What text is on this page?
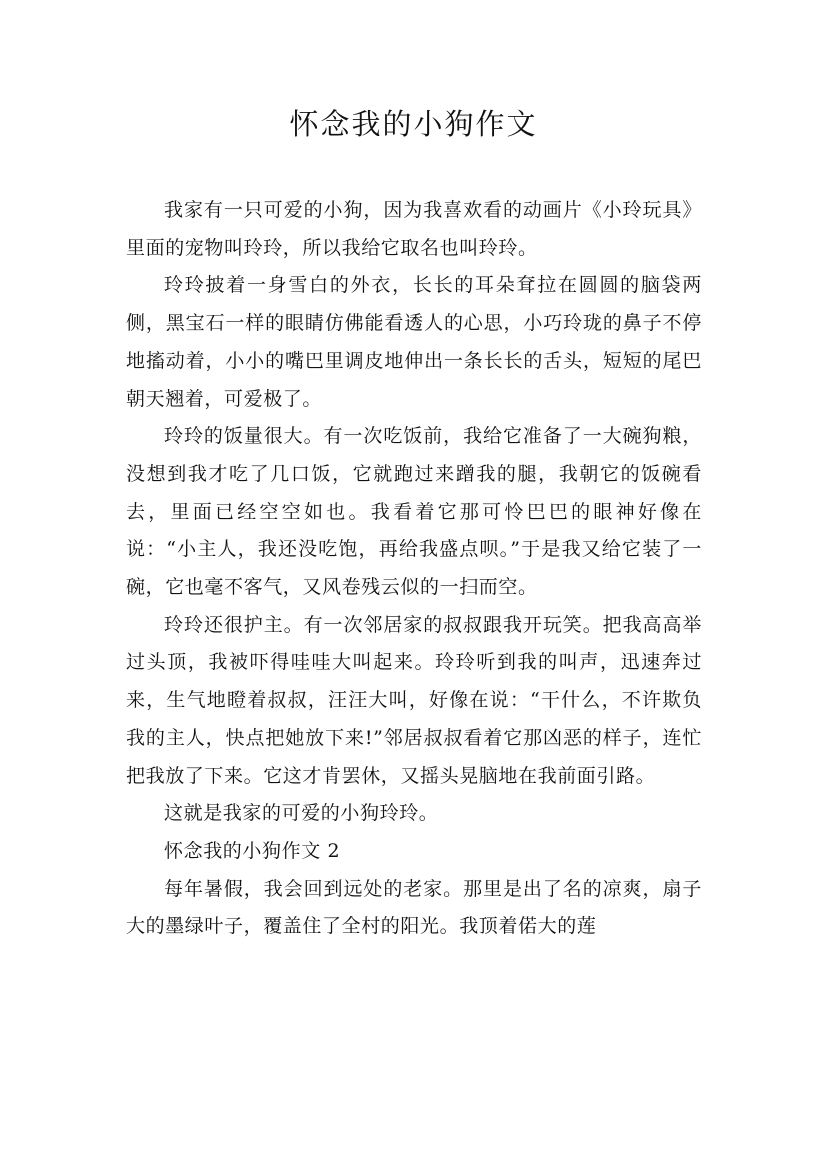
怀念我的小狗作文

我家有一只可爱的小狗，因为我喜欢看的动画片《小玲玩具》里面的宠物叫玲玲，所以我给它取名也叫玲玲。

玲玲披着一身雪白的外衣，长长的耳朵耷拉在圆圆的脑袋两侧，黑宝石一样的眼睛仿佛能看透人的心思，小巧玲珑的鼻子不停地搐动着，小小的嘴巴里调皮地伸出一条长长的舌头，短短的尾巴朝天翘着，可爱极了。

玲玲的饭量很大。有一次吃饭前，我给它准备了一大碗狗粮，没想到我才吃了几口饭，它就跑过来蹭我的腿，我朝它的饭碗看去，里面已经空空如也。我看着它那可怜巴巴的眼神好像在说：“小主人，我还没吃饱，再给我盛点呗。”于是我又给它装了一碗，它也毫不客气，又风卷残云似的一扫而空。

玲玲还很护主。有一次邻居家的叔叔跟我开玩笑。把我高高举过头顶，我被吓得哇哇大叫起来。玲玲听到我的叫声，迅速奔过来，生气地瞪着叔叔，汪汪大叫，好像在说：“干什么，不许欺负我的主人，快点把她放下来!”邻居叔叔看着它那凶恶的样子，连忙把我放了下来。它这才肯罢休，又摇头晃脑地在我前面引路。

这就是我家的可爱的小狗玲玲。

怀念我的小狗作文 2

每年暑假，我会回到远处的老家。那里是出了名的凉爽，扇子大的墨绿叶子，覆盖住了全村的阳光。我顶着偌大的莲
